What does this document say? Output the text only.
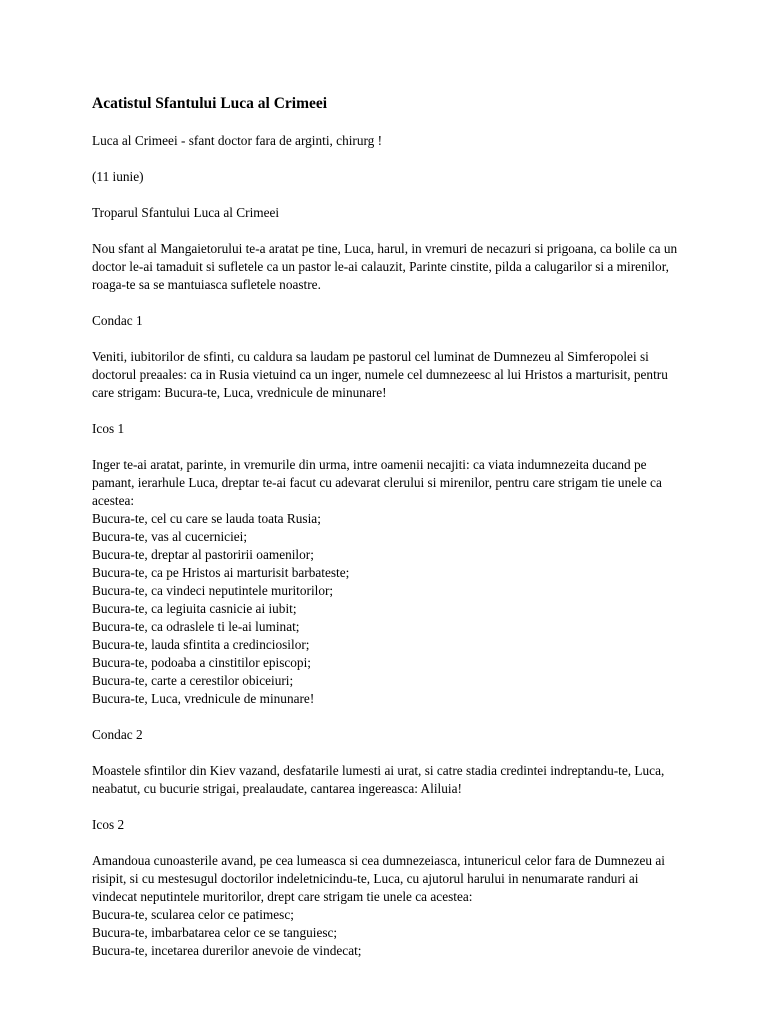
Acatistul Sfantului Luca al Crimeei

Luca al Crimeei - sfant doctor fara de arginti, chirurg !

(11 iunie)

Troparul Sfantului Luca al Crimeei

Nou sfant al Mangaietorului te-a aratat pe tine, Luca, harul, in vremuri de necazuri si prigoana, ca bolile ca un doctor le-ai tamaduit si sufletele ca un pastor le-ai calauzit, Parinte cinstite, pilda a calugarilor si a mirenilor, roaga-te sa se mantuiasca sufletele noastre.

Condac 1

Veniti, iubitorilor de sfinti, cu caldura sa laudam pe pastorul cel luminat de Dumnezeu al Simferopolei si doctorul preaales: ca in Rusia vietuind ca un inger, numele cel dumnezeesc al lui Hristos a marturisit, pentru care strigam: Bucura-te, Luca, vrednicule de minunare!

Icos 1

Inger te-ai aratat, parinte, in vremurile din urma, intre oamenii necajiti: ca viata indumnezeita ducand pe pamant, ierarhule Luca, dreptar te-ai facut cu adevarat clerului si mirenilor, pentru care strigam tie unele ca acestea:
Bucura-te, cel cu care se lauda toata Rusia;
Bucura-te, vas al cucerniciei;
Bucura-te, dreptar al pastoririi oamenilor;
Bucura-te, ca pe Hristos ai marturisit barbateste;
Bucura-te, ca vindeci neputintele muritorilor;
Bucura-te, ca legiuita casnicie ai iubit;
Bucura-te, ca odraslele ti le-ai luminat;
Bucura-te, lauda sfintita a credinciosilor;
Bucura-te, podoaba a cinstitilor episcopi;
Bucura-te, carte a cerestilor obiceiuri;
Bucura-te, Luca, vrednicule de minunare!

Condac 2

Moastele sfintilor din Kiev vazand, desfatarile lumesti ai urat, si catre stadia credintei indreptandu-te, Luca, neabatut, cu bucurie strigai, prealaudate, cantarea ingereasca: Aliluia!

Icos 2

Amandoua cunoasterile avand, pe cea lumeasca si cea dumnezeiasca, intunericul celor fara de Dumnezeu ai risipit, si cu mestesugul doctorilor indeletnicindu-te, Luca, cu ajutorul harului in nenumarate randuri ai vindecat neputintele muritorilor, drept care strigam tie unele ca acestea:
Bucura-te, scularea celor ce patimesc;
Bucura-te, imbarbatarea celor ce se tanguiesc;
Bucura-te, incetarea durerilor anevoie de vindecat;
